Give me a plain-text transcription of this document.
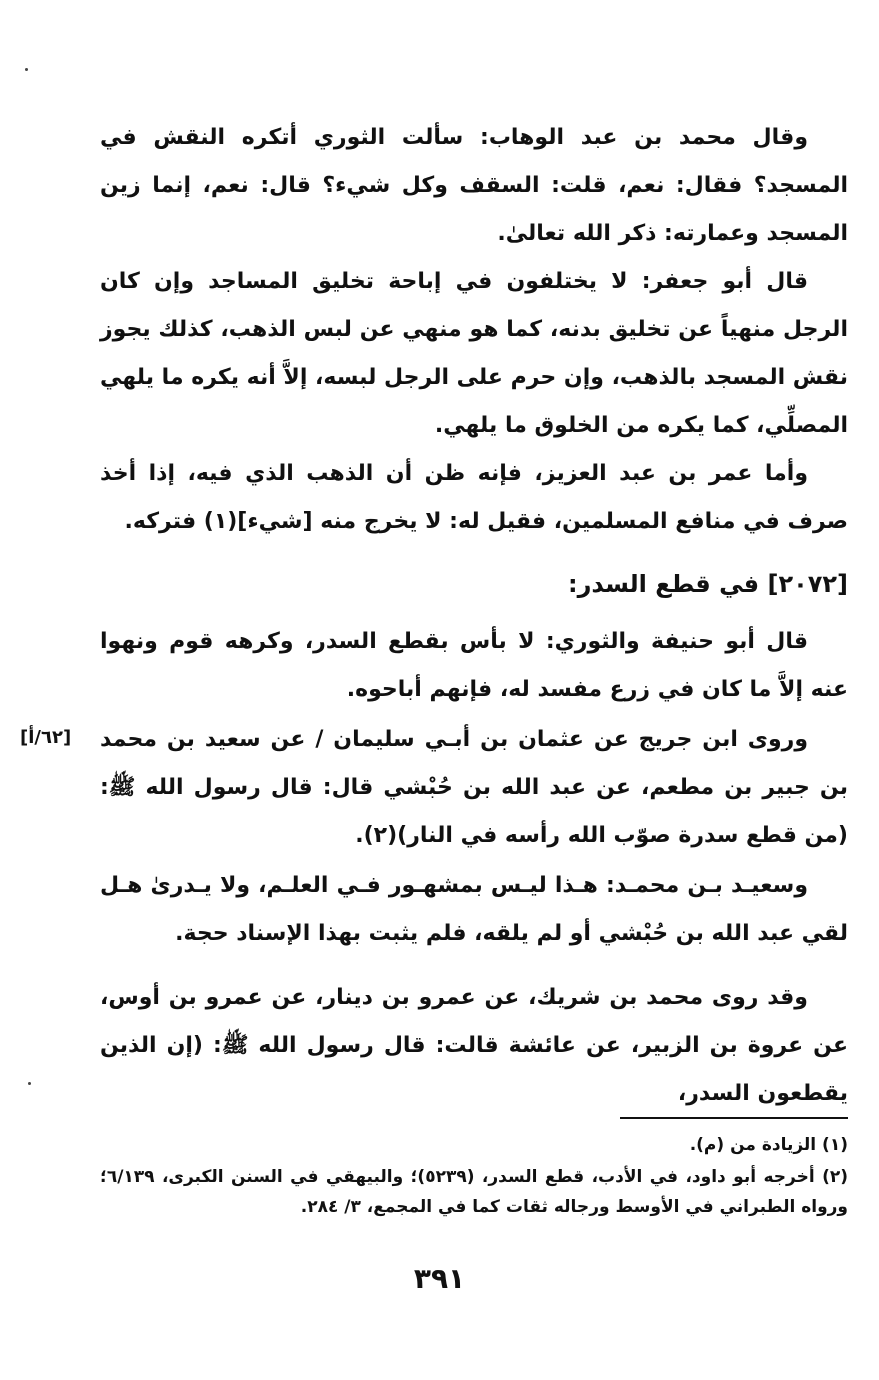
وقال محمد بن عبد الوهاب: سألت الثوري أتكره النقش في المسجد؟ فقال: نعم، قلت: السقف وكل شيء؟ قال: نعم، إنما زين المسجد وعمارته: ذكر الله تعالىٰ.

قال أبو جعفر: لا يختلفون في إباحة تخليق المساجد وإن كان الرجل منهياً عن تخليق بدنه، كما هو منهي عن لبس الذهب، كذلك يجوز نقش المسجد بالذهب، وإن حرم على الرجل لبسه، إلاَّ أنه يكره ما يلهي المصلِّي، كما يكره من الخلوق ما يلهي.

وأما عمر بن عبد العزيز، فإنه ظن أن الذهب الذي فيه، إذا أخذ صرف في منافع المسلمين، فقيل له: لا يخرج منه [شيء](١) فتركه.

[٢٠٧٢] في قطع السدر:

قال أبو حنيفة والثوري: لا بأس بقطع السدر، وكرهه قوم ونهوا عنه إلاَّ ما كان في زرع مفسد له، فإنهم أباحوه.

وروى ابن جريج عن عثمان بن أبـي سليمان / عن سعيد بن محمد بن جبير بن مطعم، عن عبد الله بن حُبْشي قال: قال رسول الله ﷺ: (من قطع سدرة صوّب الله رأسه في النار)(٢).

[٦٢/أ]

وسعيـد بـن محمـد: هـذا ليـس بمشهـور فـي العلـم، ولا يـدرىٰ هـل لقي عبد الله بن حُبْشي أو لم يلقه، فلم يثبت بهذا الإسناد حجة.

وقد روى محمد بن شريك، عن عمرو بن دينار، عن عمرو بن أوس، عن عروة بن الزبير، عن عائشة قالت: قال رسول الله ﷺ: (إن الذين يقطعون السدر،

(١) الزيادة من (م).

(٢) أخرجه أبو داود، في الأدب، قطع السدر، (٥٢٣٩)؛ والبيهقي في السنن الكبرى، ٦/١٣٩؛ ورواه الطبراني في الأوسط ورجاله ثقات كما في المجمع، ٣/ ٢٨٤.

٣٩١
